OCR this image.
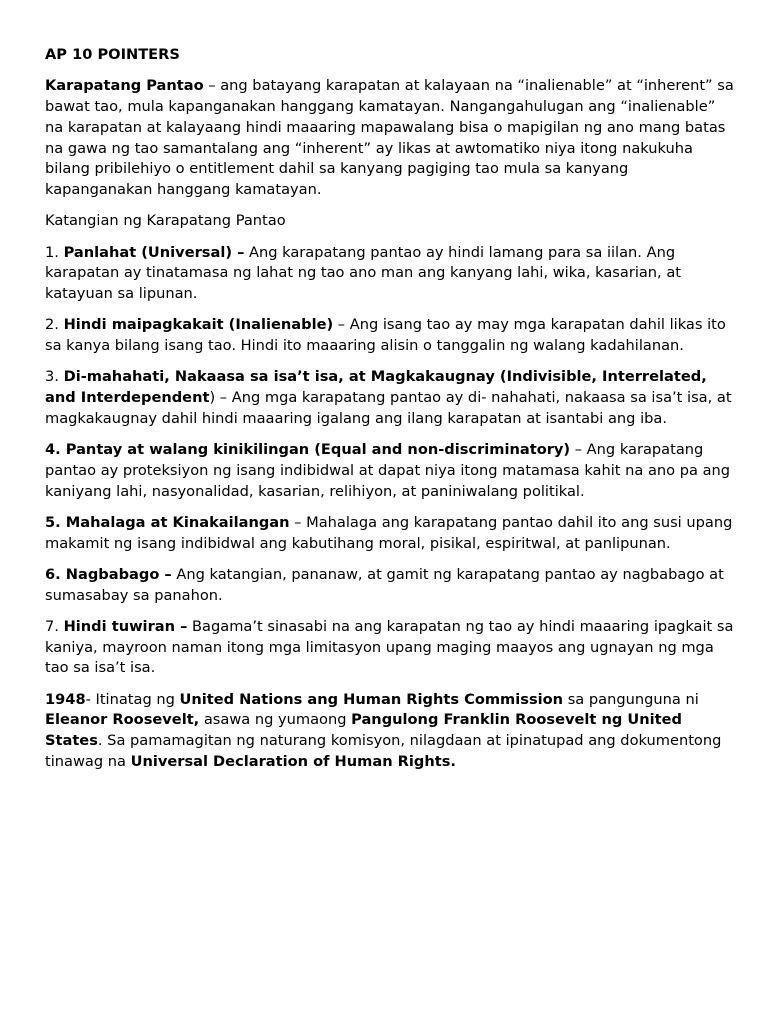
AP 10 POINTERS

Karapatang Pantao – ang batayang karapatan at kalayaan na “inalienable” at “inherent” sa bawat tao, mula kapanganakan hanggang kamatayan. Nangangahulugan ang “inalienable” na karapatan at kalayaang hindi maaaring mapawalang bisa o mapigilan ng ano mang batas na gawa ng tao samantalang ang “inherent” ay likas at awtomatiko niya itong nakukuha bilang pribilehiyo o entitlement dahil sa kanyang pagiging tao mula sa kanyang kapanganakan hanggang kamatayan.

Katangian ng Karapatang Pantao

1. Panlahat (Universal) – Ang karapatang pantao ay hindi lamang para sa iilan. Ang karapatan ay tinatamasa ng lahat ng tao ano man ang kanyang lahi, wika, kasarian, at katayuan sa lipunan.

2. Hindi maipagkakait (Inalienable) – Ang isang tao ay may mga karapatan dahil likas ito sa kanya bilang isang tao. Hindi ito maaaring alisin o tanggalin ng walang kadahilanan.

3. Di-mahahati, Nakaasa sa isa’t isa, at Magkakaugnay (Indivisible, Interrelated, and Interdependent) – Ang mga karapatang pantao ay di- nahahati, nakaasa sa isa’t isa, at magkakaugnay dahil hindi maaaring igalang ang ilang karapatan at isantabi ang iba.

4. Pantay at walang kinikilingan (Equal and non-discriminatory) – Ang karapatang pantao ay proteksiyon ng isang indibidwal at dapat niya itong matamasa kahit na ano pa ang kaniyang lahi, nasyonalidad, kasarian, relihiyon, at paniniwalang politikal.

5. Mahalaga at Kinakailangan – Mahalaga ang karapatang pantao dahil ito ang susi upang makamit ng isang indibidwal ang kabutihang moral, pisikal, espiritwal, at panlipunan.

6. Nagbabago – Ang katangian, pananaw, at gamit ng karapatang pantao ay nagbabago at sumasabay sa panahon.

7. Hindi tuwiran – Bagama’t sinasabi na ang karapatan ng tao ay hindi maaaring ipagkait sa kaniya, mayroon naman itong mga limitasyon upang maging maayos ang ugnayan ng mga tao sa isa’t isa.

1948- Itinatag ng United Nations ang Human Rights Commission sa pangunguna ni Eleanor Roosevelt, asawa ng yumaong Pangulong Franklin Roosevelt ng United States. Sa pamamagitan ng naturang komisyon, nilagdaan at ipinatupad ang dokumentong tinawag na Universal Declaration of Human Rights.
